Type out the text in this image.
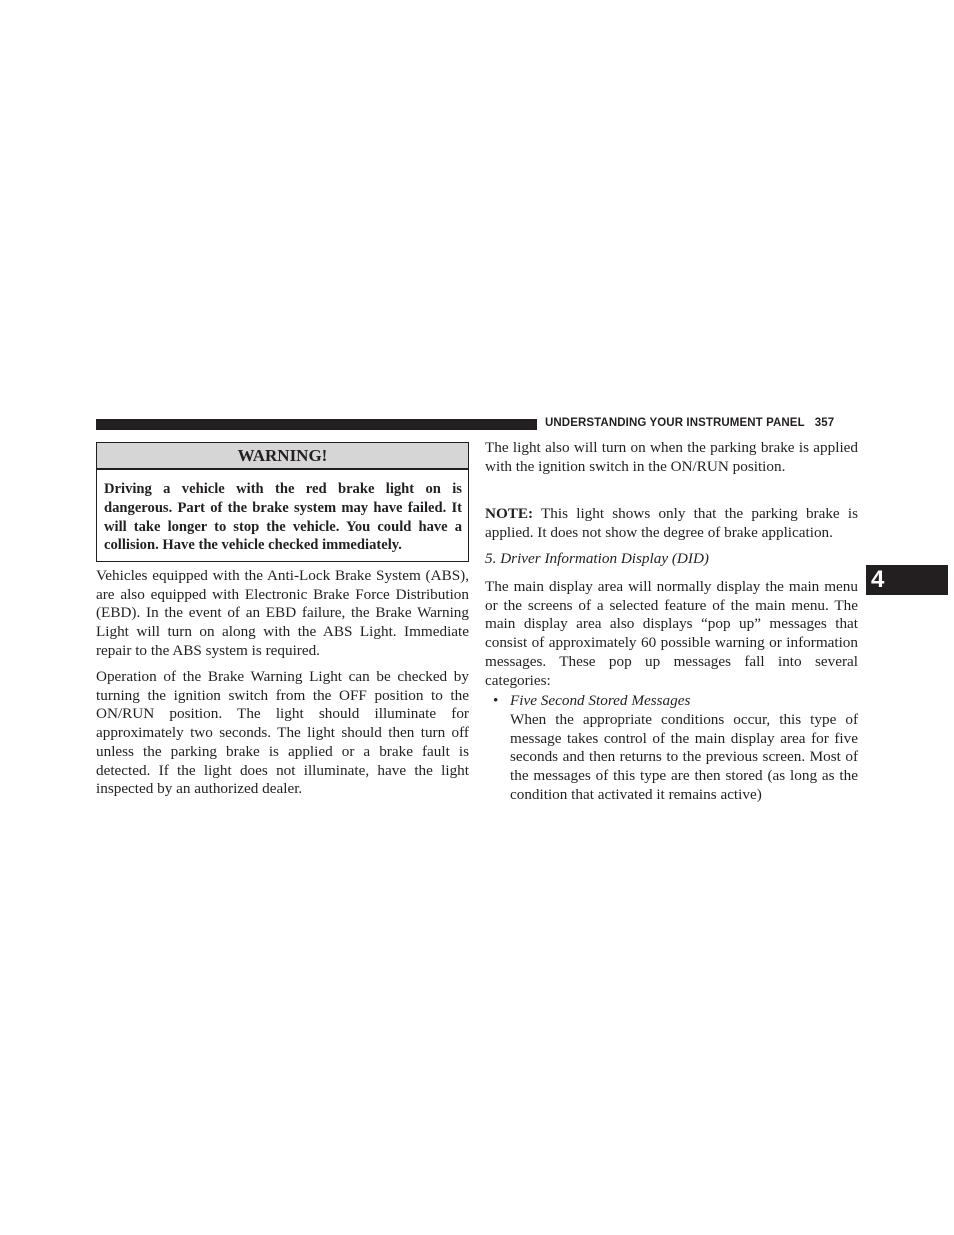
UNDERSTANDING YOUR INSTRUMENT PANEL 357
4
WARNING!
Driving a vehicle with the red brake light on is dangerous. Part of the brake system may have failed. It will take longer to stop the vehicle. You could have a collision. Have the vehicle checked immediately.

Vehicles equipped with the Anti-Lock Brake System (ABS), are also equipped with Electronic Brake Force Distribution (EBD). In the event of an EBD failure, the Brake Warning Light will turn on along with the ABS Light. Immediate repair to the ABS system is required.

Operation of the Brake Warning Light can be checked by turning the ignition switch from the OFF position to the ON/RUN position. The light should illuminate for approximately two seconds. The light should then turn off unless the parking brake is applied or a brake fault is detected. If the light does not illuminate, have the light inspected by an authorized dealer.

The light also will turn on when the parking brake is applied with the ignition switch in the ON/RUN position.

NOTE: This light shows only that the parking brake is applied. It does not show the degree of brake application.

5. Driver Information Display (DID)

The main display area will normally display the main menu or the screens of a selected feature of the main menu. The main display area also displays “pop up” messages that consist of approximately 60 possible warning or information messages. These pop up messages fall into several categories:

• Five Second Stored Messages

When the appropriate conditions occur, this type of message takes control of the main display area for five seconds and then returns to the previous screen. Most of the messages of this type are then stored (as long as the condition that activated it remains active)
